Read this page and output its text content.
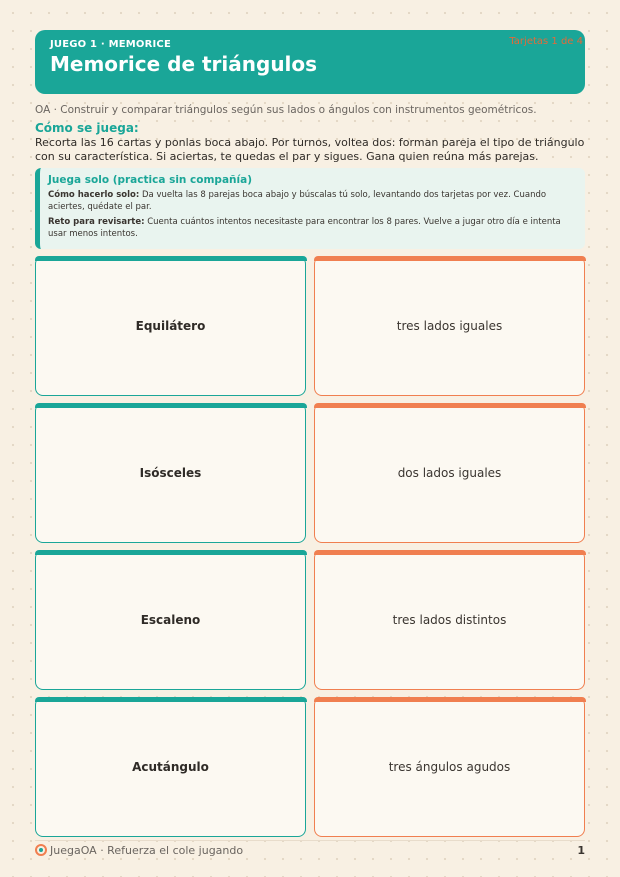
JUEGO 1 · MEMORICE
Memorice de triángulos
Tarjetas 1 de 4
OA · Construir y comparar triángulos según sus lados o ángulos con instrumentos geométricos.
Cómo se juega:
Recorta las 16 cartas y ponlas boca abajo. Por turnos, voltea dos: forman pareja el tipo de triángulo con su característica. Si aciertas, te quedas el par y sigues. Gana quien reúna más parejas.
Juega solo (practica sin compañía)

Cómo hacerlo solo: Da vuelta las 8 parejas boca abajo y búscalas tú solo, levantando dos tarjetas por vez. Cuando aciertes, quédate el par.

Reto para revisarte: Cuenta cuántos intentos necesitaste para encontrar los 8 pares. Vuelve a jugar otro día e intenta usar menos intentos.

Equilátero	tres lados iguales
Isósceles	dos lados iguales
Escaleno	tres lados distintos
Acutángulo	tres ángulos agudos
JuegaOA · Refuerza el cole jugando	1
